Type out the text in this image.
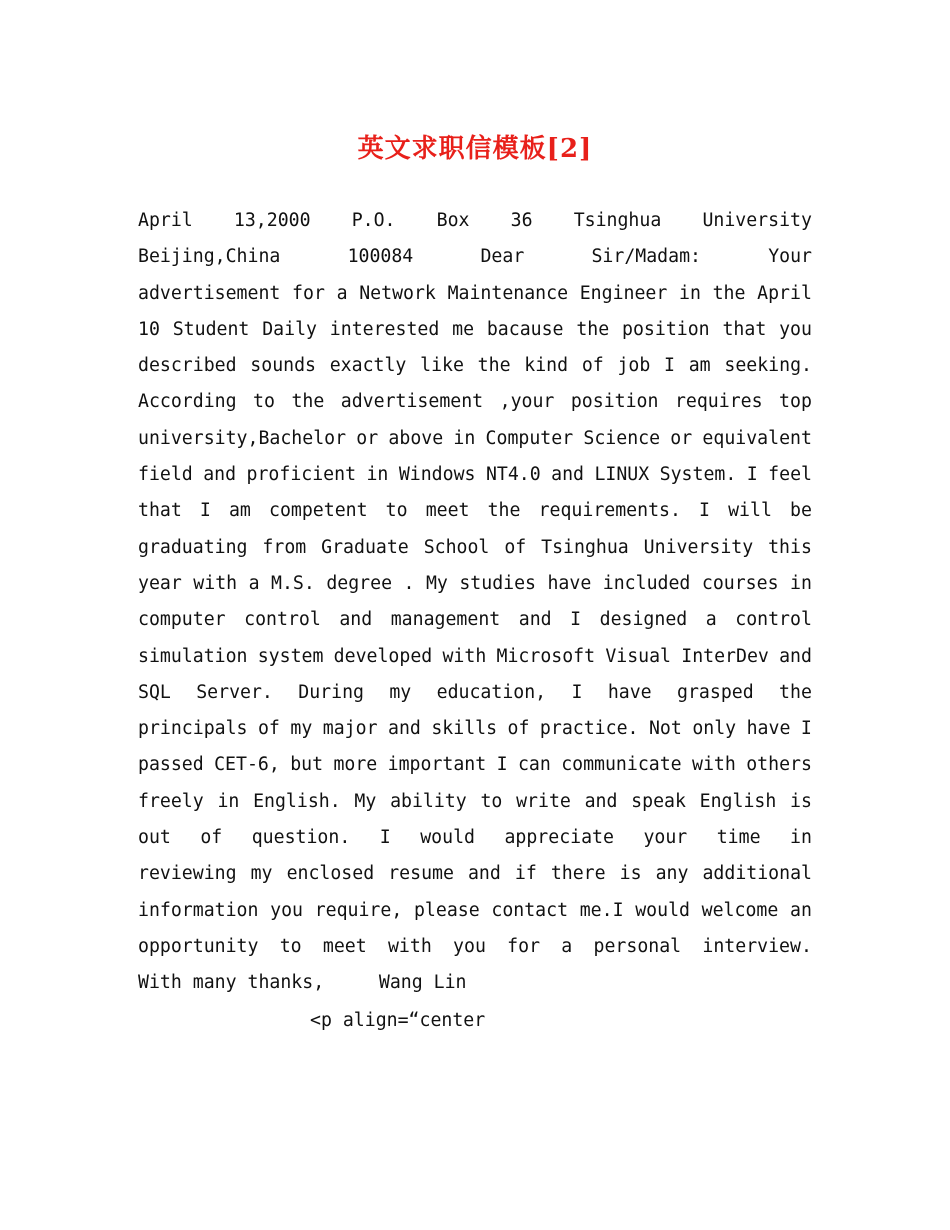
英文求职信模板[2]
April 13,2000 P.O. Box 36 Tsinghua University
Beijing,China	100084	Dear	Sir/Madam:	Your
advertisement for a Network Maintenance Engineer in the April
10 Student Daily interested me bacause the position that you
described sounds exactly like the kind of job I am seeking.
According to the advertisement ,your position requires top
university,Bachelor or above in Computer Science or equivalent
field and proficient in Windows NT4.0 and LINUX System. I feel
that I am competent to meet the requirements. I will be
graduating from Graduate School of Tsinghua University this
year with a M.S. degree . My studies have included courses in
computer control and management and I designed a control
simulation system developed with Microsoft Visual InterDev and
SQL Server. During my education, I have grasped the
principals of my major and skills of practice. Not only have I
passed CET-6, but more important I can communicate with others
freely in English. My ability to write and speak English is
out of question. I would appreciate your time in
reviewing my enclosed resume and if there is any additional
information you require, please contact me.I would welcome an
opportunity to meet with you for a personal interview.
With many thanks,     Wang Lin
<p align=“center
